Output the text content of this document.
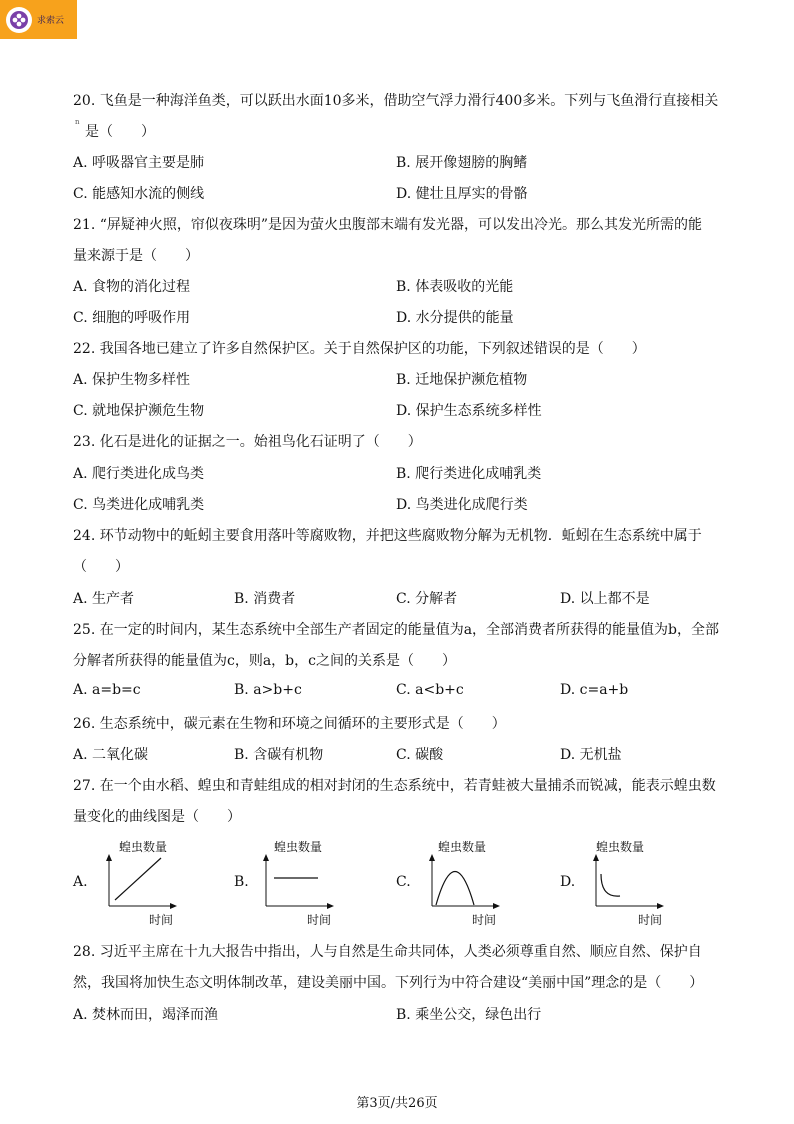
求索云
20. 飞鱼是一种海洋鱼类，可以跃出水面10多米，借助空气浮力滑行400多米。下列与飞鱼滑行直接相关
n
是（　　）
A. 呼吸器官主要是肺	B. 展开像翅膀的胸鳍
C. 能感知水流的侧线	D. 健壮且厚实的骨骼
21. “屏疑神火照，帘似夜珠明”是因为萤火虫腹部末端有发光器，可以发出冷光。那么其发光所需的能
量来源于是（　　）
A. 食物的消化过程	B. 体表吸收的光能
C. 细胞的呼吸作用	D. 水分提供的能量
22. 我国各地已建立了许多自然保护区。关于自然保护区的功能，下列叙述错误的是（　　）
A. 保护生物多样性	B. 迁地保护濒危植物
C. 就地保护濒危生物	D. 保护生态系统多样性
23. 化石是进化的证据之一。始祖鸟化石证明了（　　）
A. 爬行类进化成鸟类	B. 爬行类进化成哺乳类
C. 鸟类进化成哺乳类	D. 鸟类进化成爬行类
24. 环节动物中的蚯蚓主要食用落叶等腐败物，并把这些腐败物分解为无机物．蚯蚓在生态系统中属于
（　　）
A. 生产者	B. 消费者	C. 分解者	D. 以上都不是
25. 在一定的时间内，某生态系统中全部生产者固定的能量值为a，全部消费者所获得的能量值为b，全部
分解者所获得的能量值为c，则a，b，c之间的关系是（　　）
A. a=b=c	B. a>b+c	C. a<b+c	D. c=a+b
26. 生态系统中，碳元素在生物和环境之间循环的主要形式是（　　）
A. 二氧化碳	B. 含碳有机物	C. 碳酸	D. 无机盐
27. 在一个由水稻、蝗虫和青蛙组成的相对封闭的生态系统中，若青蛙被大量捕杀而锐减，能表示蝗虫数
量变化的曲线图是（　　）
A.
蝗虫数量
时间
B.
蝗虫数量
时间
C.
蝗虫数量
时间
D.
蝗虫数量
时间
28. 习近平主席在十九大报告中指出，人与自然是生命共同体，人类必须尊重自然、顺应自然、保护自
然，我国将加快生态文明体制改革，建设美丽中国。下列行为中符合建设“美丽中国”理念的是（　　）
A. 焚林而田，竭泽而渔	B. 乘坐公交，绿色出行
第3页/共26页
